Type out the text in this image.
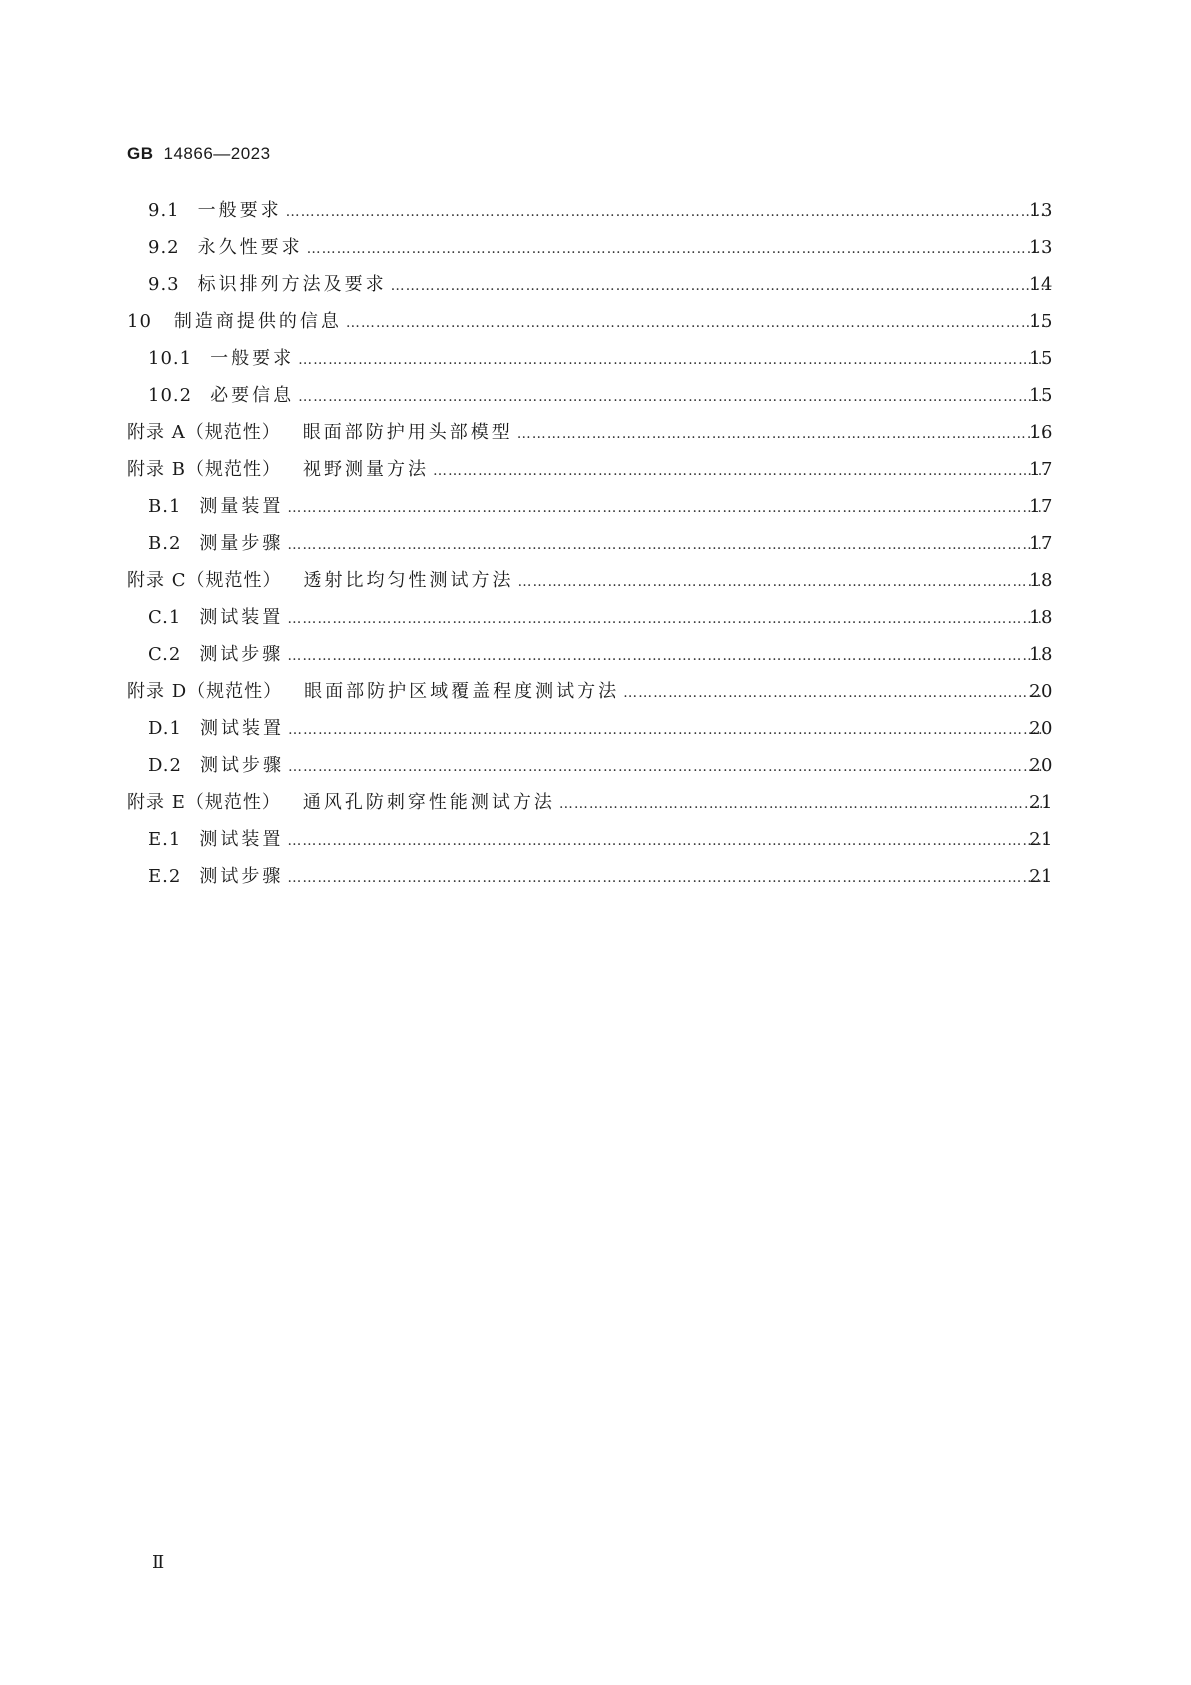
GB 14866—2023
9.1 一般要求 ……………………………………………………………………………………………………………………………………………………………………………………………………………………………………	13
9.2 永久性要求 ……………………………………………………………………………………………………………………………………………………………………………………………………………………………………	13
9.3 标识排列方法及要求 ……………………………………………………………………………………………………………………………………………………………………………………………………………………………………	14
10 制造商提供的信息 ……………………………………………………………………………………………………………………………………………………………………………………………………………………………………	15
10.1 一般要求 ……………………………………………………………………………………………………………………………………………………………………………………………………………………………………	15
10.2 必要信息 ……………………………………………………………………………………………………………………………………………………………………………………………………………………………………	15
附录 A（规范性） 眼面部防护用头部模型 ……………………………………………………………………………………………………………………………………………………………………………………………………………………………………	16
附录 B（规范性） 视野测量方法 ……………………………………………………………………………………………………………………………………………………………………………………………………………………………………	17
B.1 测量装置 ……………………………………………………………………………………………………………………………………………………………………………………………………………………………………	17
B.2 测量步骤 ……………………………………………………………………………………………………………………………………………………………………………………………………………………………………	17
附录 C（规范性） 透射比均匀性测试方法 ……………………………………………………………………………………………………………………………………………………………………………………………………………………………………	18
C.1 测试装置 ……………………………………………………………………………………………………………………………………………………………………………………………………………………………………	18
C.2 测试步骤 ……………………………………………………………………………………………………………………………………………………………………………………………………………………………………	18
附录 D（规范性） 眼面部防护区域覆盖程度测试方法 ……………………………………………………………………………………………………………………………………………………………………………………………………………………………………	20
D.1 测试装置 ……………………………………………………………………………………………………………………………………………………………………………………………………………………………………	20
D.2 测试步骤 ……………………………………………………………………………………………………………………………………………………………………………………………………………………………………	20
附录 E（规范性） 通风孔防刺穿性能测试方法 ……………………………………………………………………………………………………………………………………………………………………………………………………………………………………	21
E.1 测试装置 ……………………………………………………………………………………………………………………………………………………………………………………………………………………………………	21
E.2 测试步骤 ……………………………………………………………………………………………………………………………………………………………………………………………………………………………………	21
Ⅱ
